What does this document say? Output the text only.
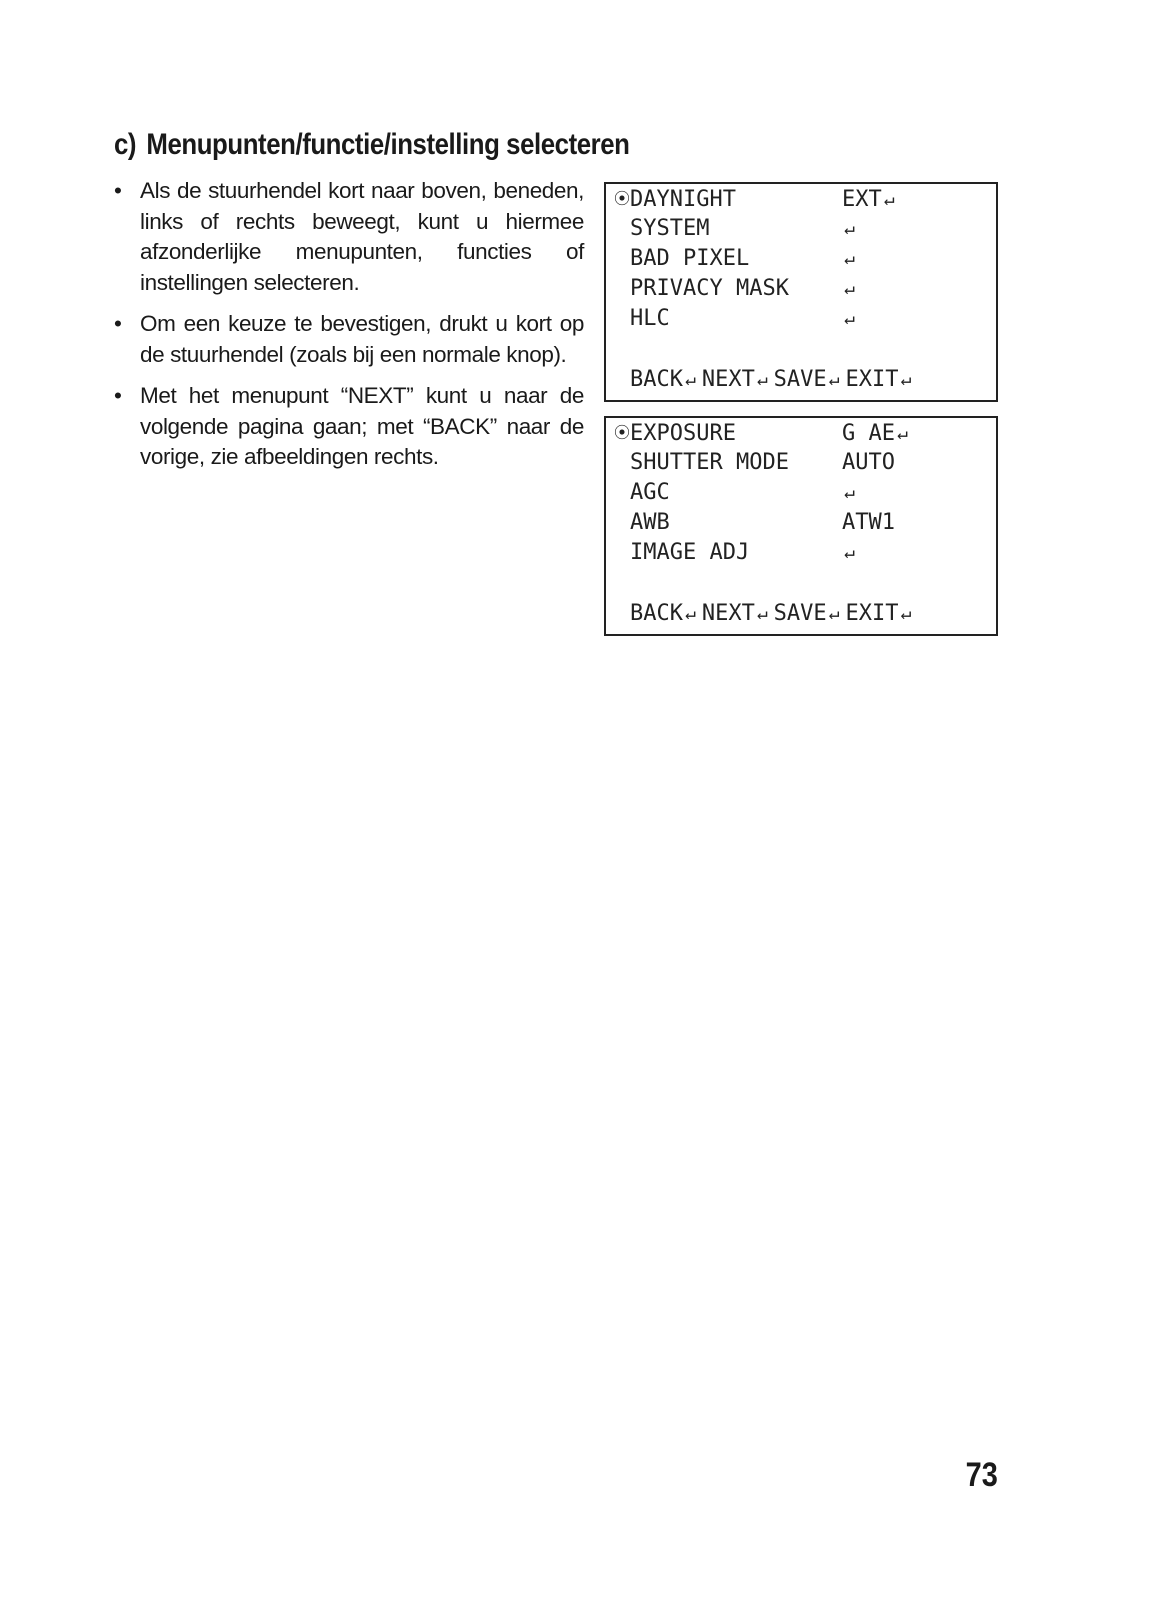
c) Menupunten/functie/instelling selecteren
• Als de stuurhendel kort naar boven, beneden, links of rechts beweegt, kunt u hiermee afzonderlijke menupunten, functies of instellingen selecteren.
• Om een keuze te bevestigen, drukt u kort op de stuurhendel (zoals bij een normale knop).
• Met het menupunt “NEXT” kunt u naar de volgende pagina gaan; met “BACK” naar de vorige, zie afbeeldingen rechts.
⦿DAYNIGHT	EXT ↵
SYSTEM	↵
BAD PIXEL	↵
PRIVACY MASK	↵
HLC	↵
BACK ↵ NEXT ↵ SAVE ↵ EXIT ↵
⦿EXPOSURE	G AE ↵
SHUTTER MODE AUTO
AGC	↵
AWB	ATW1
IMAGE ADJ	↵
BACK ↵ NEXT ↵ SAVE ↵ EXIT ↵
73
